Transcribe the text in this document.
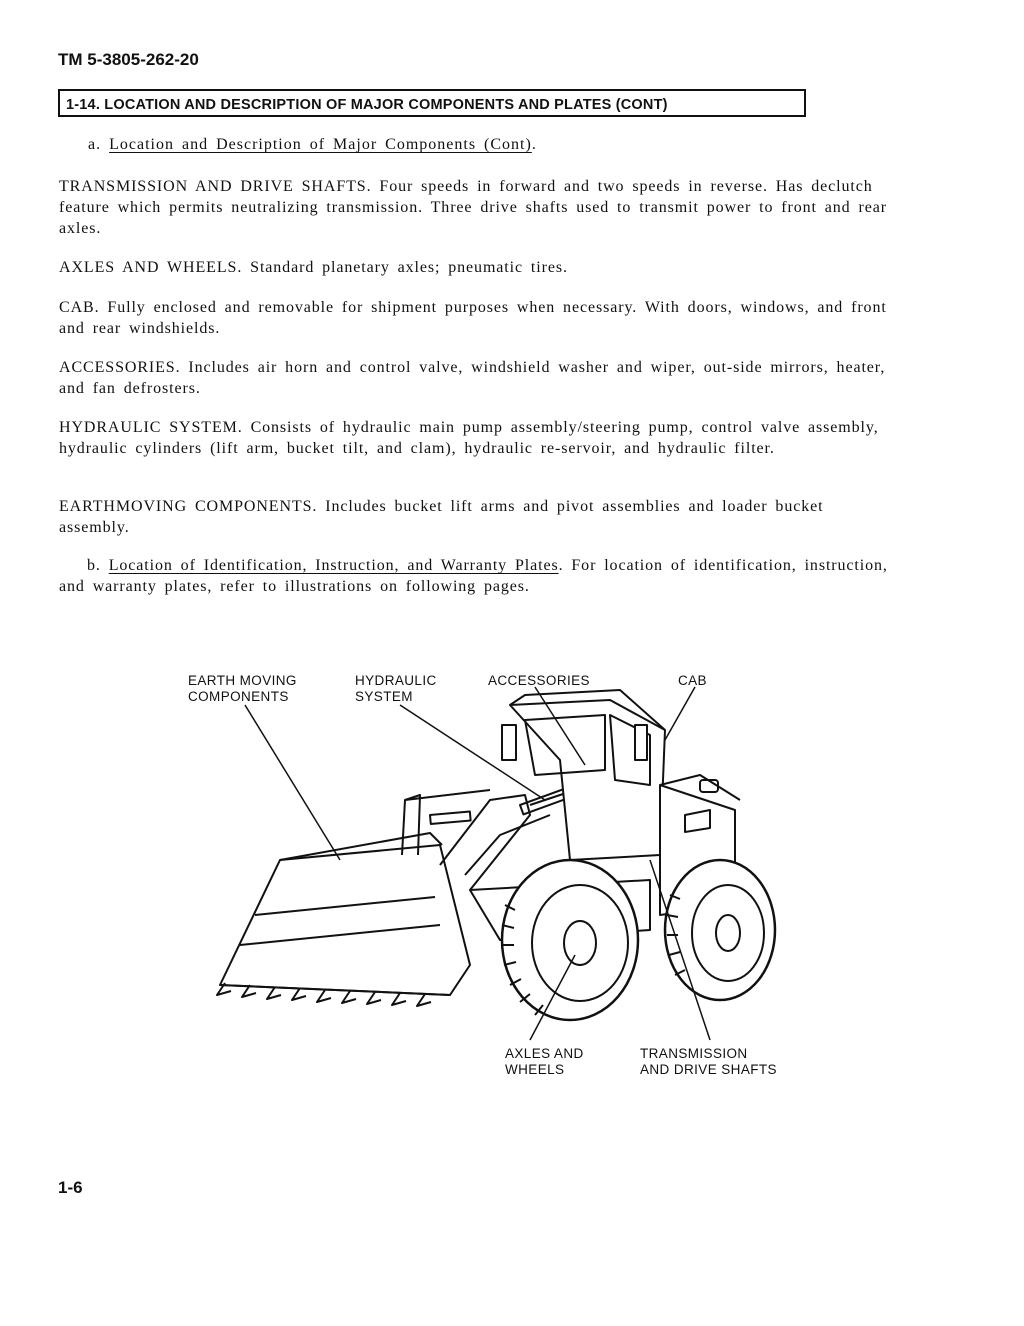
TM 5-3805-262-20
1-14. LOCATION AND DESCRIPTION OF MAJOR COMPONENTS AND PLATES (CONT)
a. Location and Description of Major Components (Cont).
TRANSMISSION AND DRIVE SHAFTS. Four speeds in forward and two speeds in reverse. Has declutch feature which permits neutralizing transmission. Three drive shafts used to transmit power to front and rear axles.
AXLES AND WHEELS. Standard planetary axles; pneumatic tires.
CAB. Fully enclosed and removable for shipment purposes when necessary. With doors, windows, and front and rear windshields.
ACCESSORIES. Includes air horn and control valve, windshield washer and wiper, out-side mirrors, heater, and fan defrosters.
HYDRAULIC SYSTEM. Consists of hydraulic main pump assembly/steering pump, control valve assembly, hydraulic cylinders (lift arm, bucket tilt, and clam), hydraulic re-servoir, and hydraulic filter.
EARTHMOVING COMPONENTS. Includes bucket lift arms and pivot assemblies and loader bucket assembly.
b. Location of Identification, Instruction, and Warranty Plates. For location of identification, instruction, and warranty plates, refer to illustrations on following pages.
EARTH MOVING
COMPONENTS
HYDRAULIC
SYSTEM
ACCESSORIES	CAB
AXLES AND
WHEELS
TRANSMISSION
AND DRIVE SHAFTS
1-6
